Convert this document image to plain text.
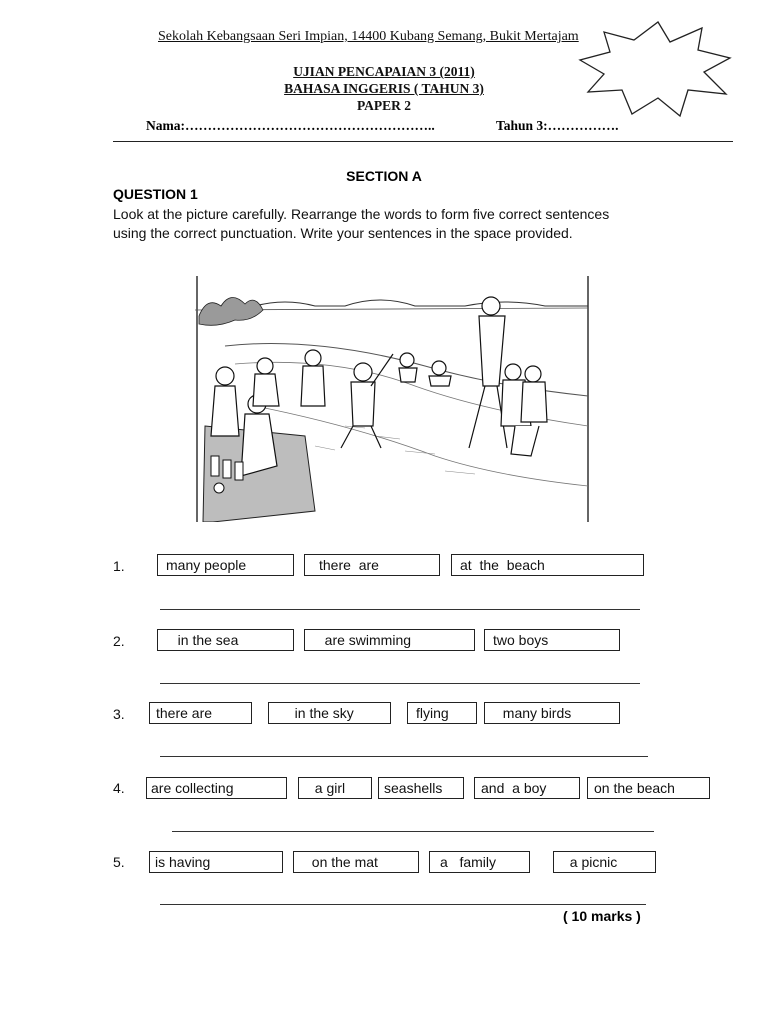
Sekolah Kebangsaan Seri Impian, 14400 Kubang Semang, Bukit Mertajam
UJIAN PENCAPAIAN 3 (2011)
BAHASA INGGERIS ( TAHUN 3)
PAPER 2
Nama:………………………………………………..	Tahun 3:…………….
SECTION A
QUESTION 1
Look at the picture carefully. Rearrange the words to form five correct sentences using the correct punctuation. Write your sentences in the space provided.
1.
2.
3.
4.
5.
many people	there  are	at  the  beach
in the sea	are swimming	two boys
there are	in the sky	flying	many birds
are collecting	a girl	seashells	and  a boy	on the beach
is having	on the mat	a   family	a picnic
( 10 marks )
